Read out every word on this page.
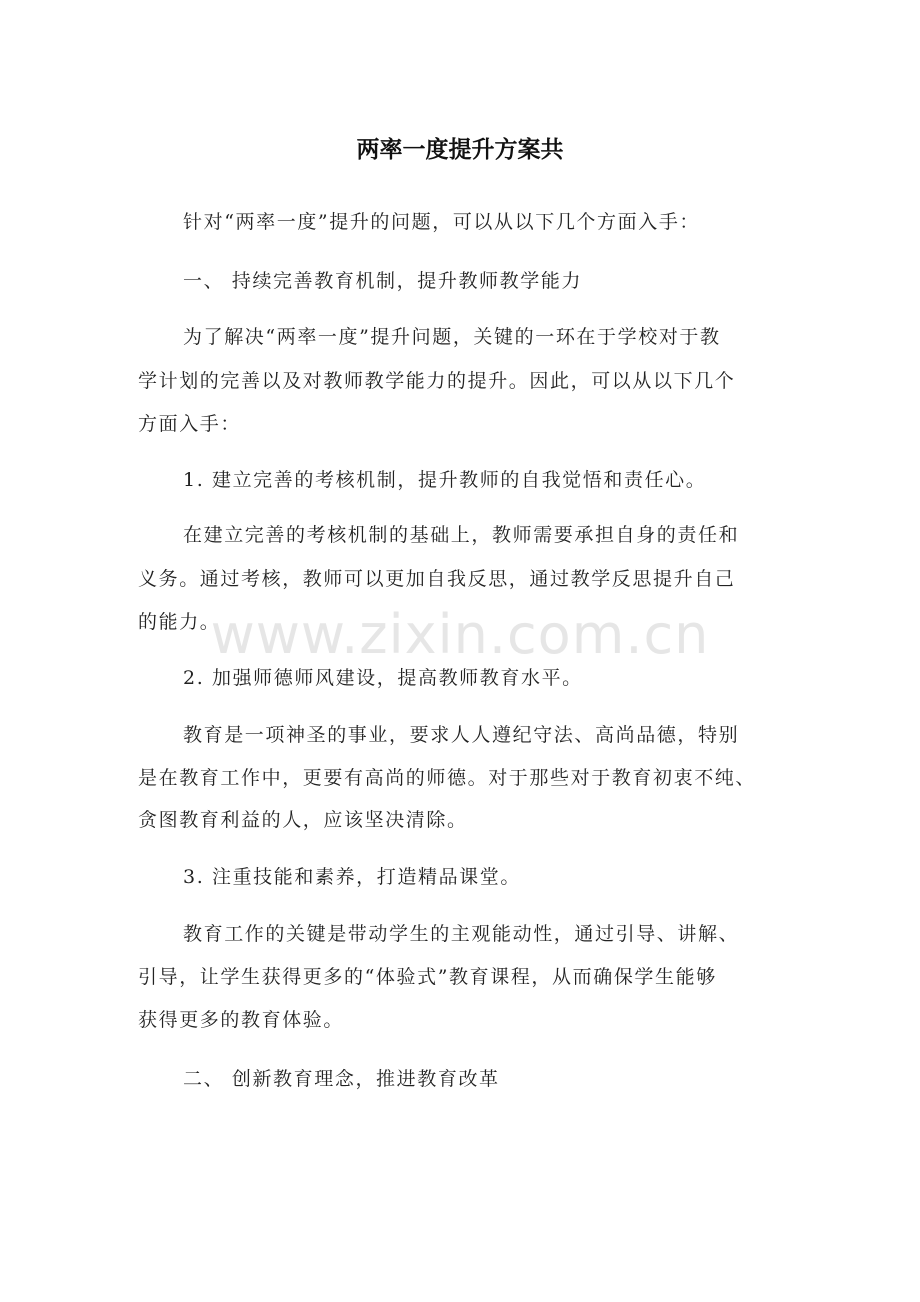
www.zixin.com.cn
两率一度提升方案共

针对“两率一度”提升的问题，可以从以下几个方面入手：

一、 持续完善教育机制，提升教师教学能力

为了解决“两率一度”提升问题，关键的一环在于学校对于教

学计划的完善以及对教师教学能力的提升。因此，可以从以下几个

方面入手：

1. 建立完善的考核机制，提升教师的自我觉悟和责任心。

在建立完善的考核机制的基础上，教师需要承担自身的责任和

义务。通过考核，教师可以更加自我反思，通过教学反思提升自己

的能力。

2. 加强师德师风建设，提高教师教育水平。

教育是一项神圣的事业，要求人人遵纪守法、高尚品德，特别

是在教育工作中，更要有高尚的师德。对于那些对于教育初衷不纯、

贪图教育利益的人，应该坚决清除。

3. 注重技能和素养，打造精品课堂。

教育工作的关键是带动学生的主观能动性，通过引导、讲解、

引导，让学生获得更多的“体验式”教育课程，从而确保学生能够

获得更多的教育体验。

二、 创新教育理念，推进教育改革
